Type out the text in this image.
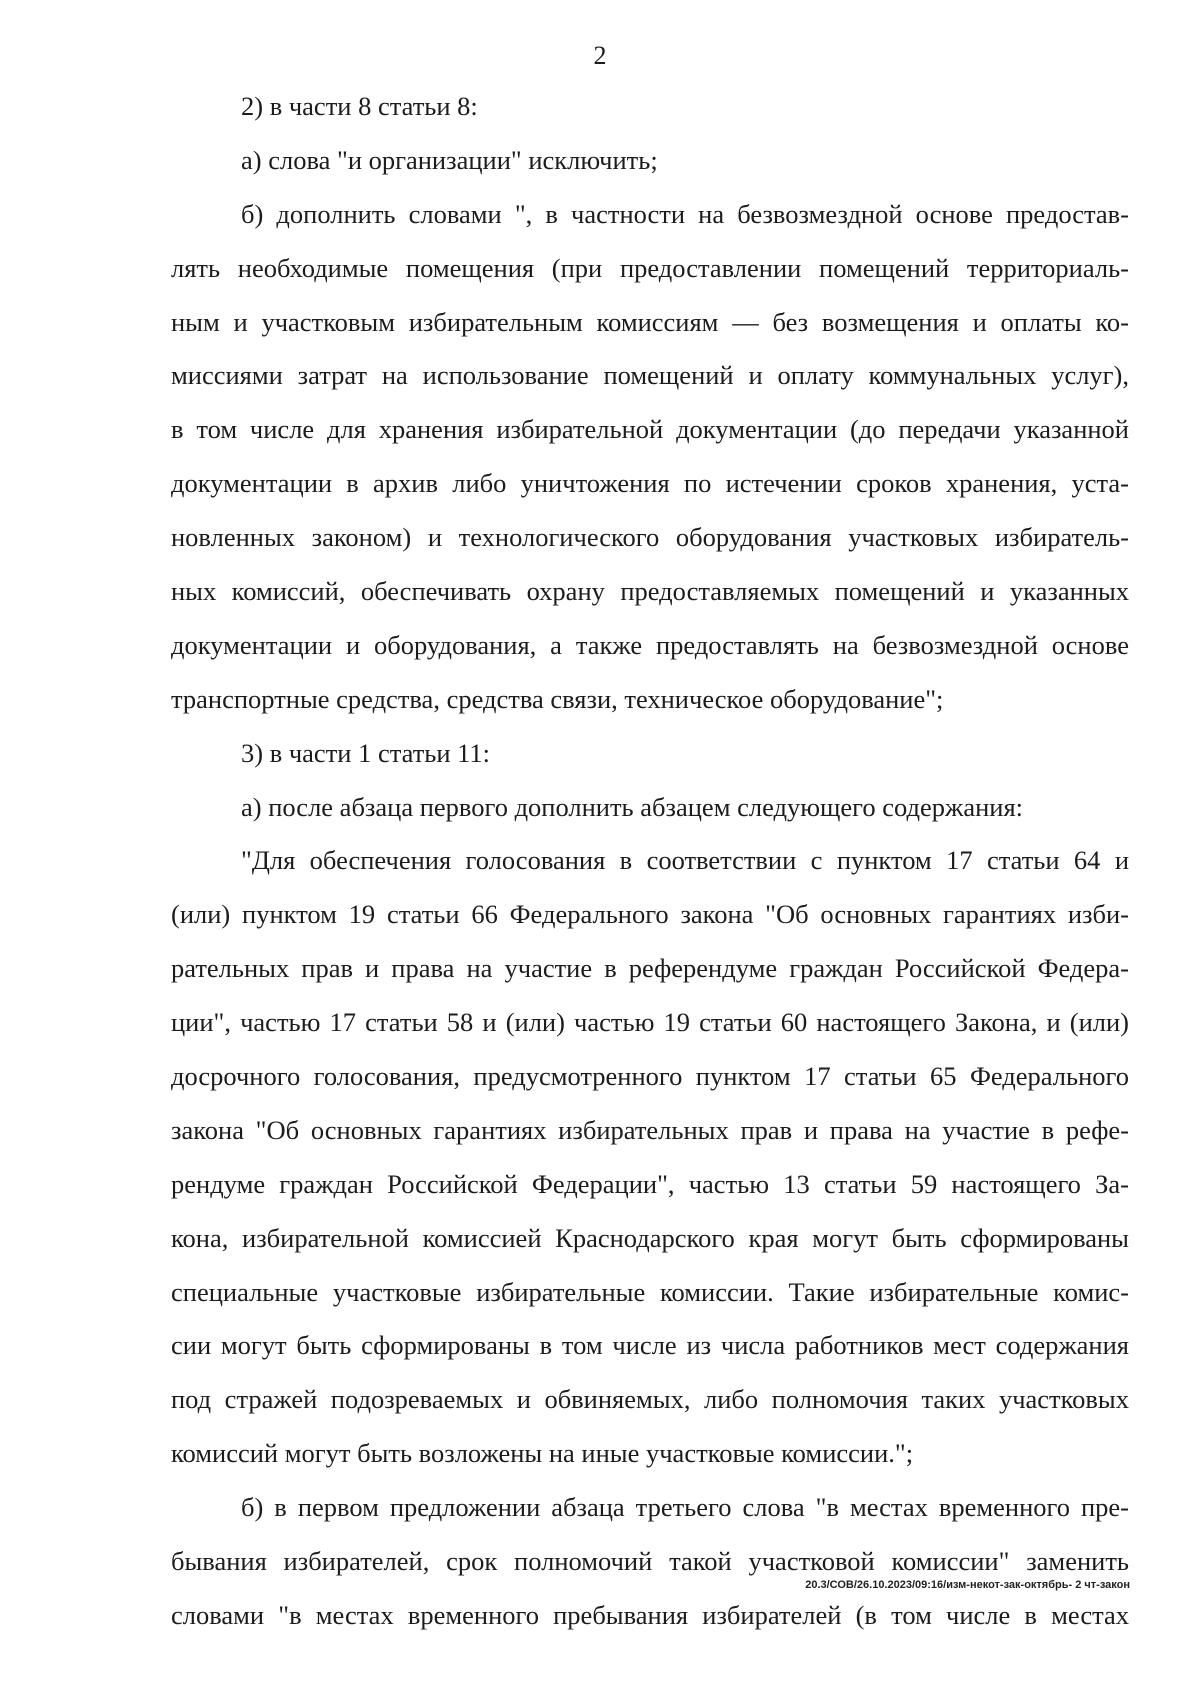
2
2) в части 8 статьи 8:
а) слова "и организации" исключить;
б) дополнить словами ", в частности на безвозмездной основе предостав-
лять необходимые помещения (при предоставлении помещений территориаль-
ным и участковым избирательным комиссиям — без возмещения и оплаты ко-
миссиями затрат на использование помещений и оплату коммунальных услуг),
в том числе для хранения избирательной документации (до передачи указанной
документации в архив либо уничтожения по истечении сроков хранения, уста-
новленных законом) и технологического оборудования участковых избиратель-
ных комиссий, обеспечивать охрану предоставляемых помещений и указанных
документации и оборудования, а также предоставлять на безвозмездной основе
транспортные средства, средства связи, техническое оборудование";
3) в части 1 статьи 11:
а) после абзаца первого дополнить абзацем следующего содержания:
"Для обеспечения голосования в соответствии с пунктом 17 статьи 64 и
(или) пунктом 19 статьи 66 Федерального закона "Об основных гарантиях изби-
рательных прав и права на участие в референдуме граждан Российской Федера-
ции", частью 17 статьи 58 и (или) частью 19 статьи 60 настоящего Закона, и (или)
досрочного голосования, предусмотренного пунктом 17 статьи 65 Федерального
закона "Об основных гарантиях избирательных прав и права на участие в рефе-
рендуме граждан Российской Федерации", частью 13 статьи 59 настоящего За-
кона, избирательной комиссией Краснодарского края могут быть сформированы
специальные участковые избирательные комиссии. Такие избирательные комис-
сии могут быть сформированы в том числе из числа работников мест содержания
под стражей подозреваемых и обвиняемых, либо полномочия таких участковых
комиссий могут быть возложены на иные участковые комиссии.";
б) в первом предложении абзаца третьего слова "в местах временного пре-
бывания избирателей, срок полномочий такой участковой комиссии" заменить
словами "в местах временного пребывания избирателей (в том числе в местах
20.3/СОВ/26.10.2023/09:16/изм-некот-зак-октябрь- 2 чт-закон
